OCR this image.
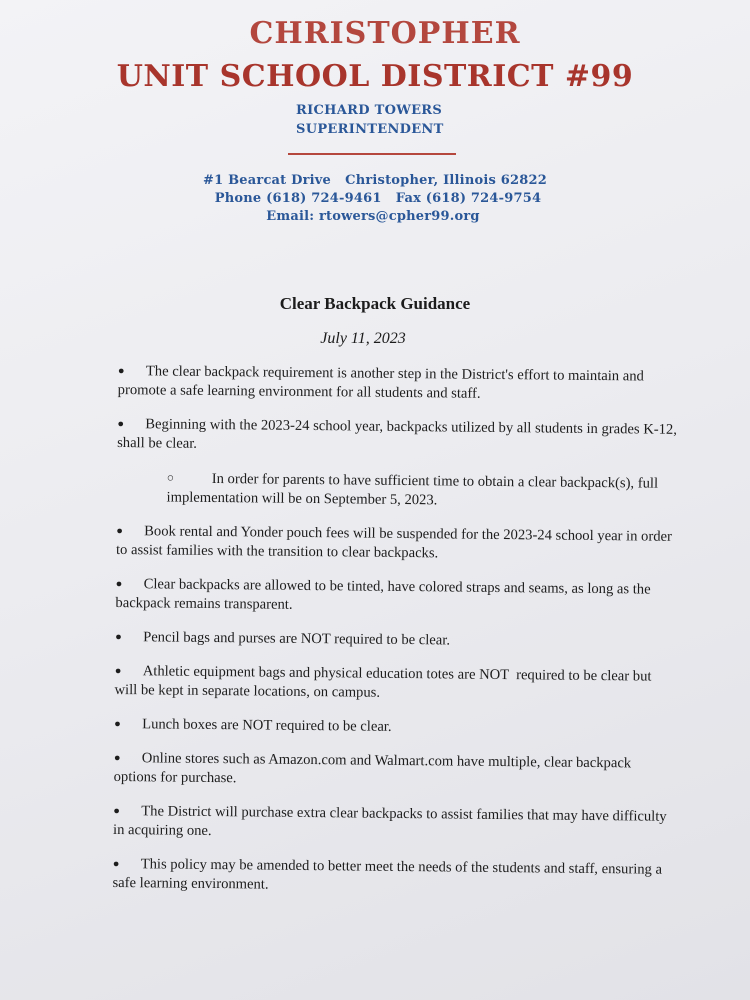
CHRISTOPHER
UNIT SCHOOL DISTRICT #99
RICHARD TOWERS
SUPERINTENDENT
#1 Bearcat Drive   Christopher, Illinois 62822
Phone (618) 724-9461   Fax (618) 724-9754
Email: rtowers@cpher99.org
Clear Backpack Guidance
July 11, 2023

● The clear backpack requirement is another step in the District's effort to maintain and promote a safe learning environment for all students and staff.

● Beginning with the 2023-24 school year, backpacks utilized by all students in grades K-12, shall be clear.

○	In order for parents to have sufficient time to obtain a clear backpack(s), full implementation will be on September 5, 2023.

● Book rental and Yonder pouch fees will be suspended for the 2023-24 school year in order to assist families with the transition to clear backpacks.

● Clear backpacks are allowed to be tinted, have colored straps and seams, as long as the backpack remains transparent.

● Pencil bags and purses are NOT required to be clear.

● Athletic equipment bags and physical education totes are NOT  required to be clear but will be kept in separate locations, on campus.

● Lunch boxes are NOT required to be clear.

● Online stores such as Amazon.com and Walmart.com have multiple, clear backpack options for purchase.

● The District will purchase extra clear backpacks to assist families that may have difficulty in acquiring one.

● This policy may be amended to better meet the needs of the students and staff, ensuring a safe learning environment.
